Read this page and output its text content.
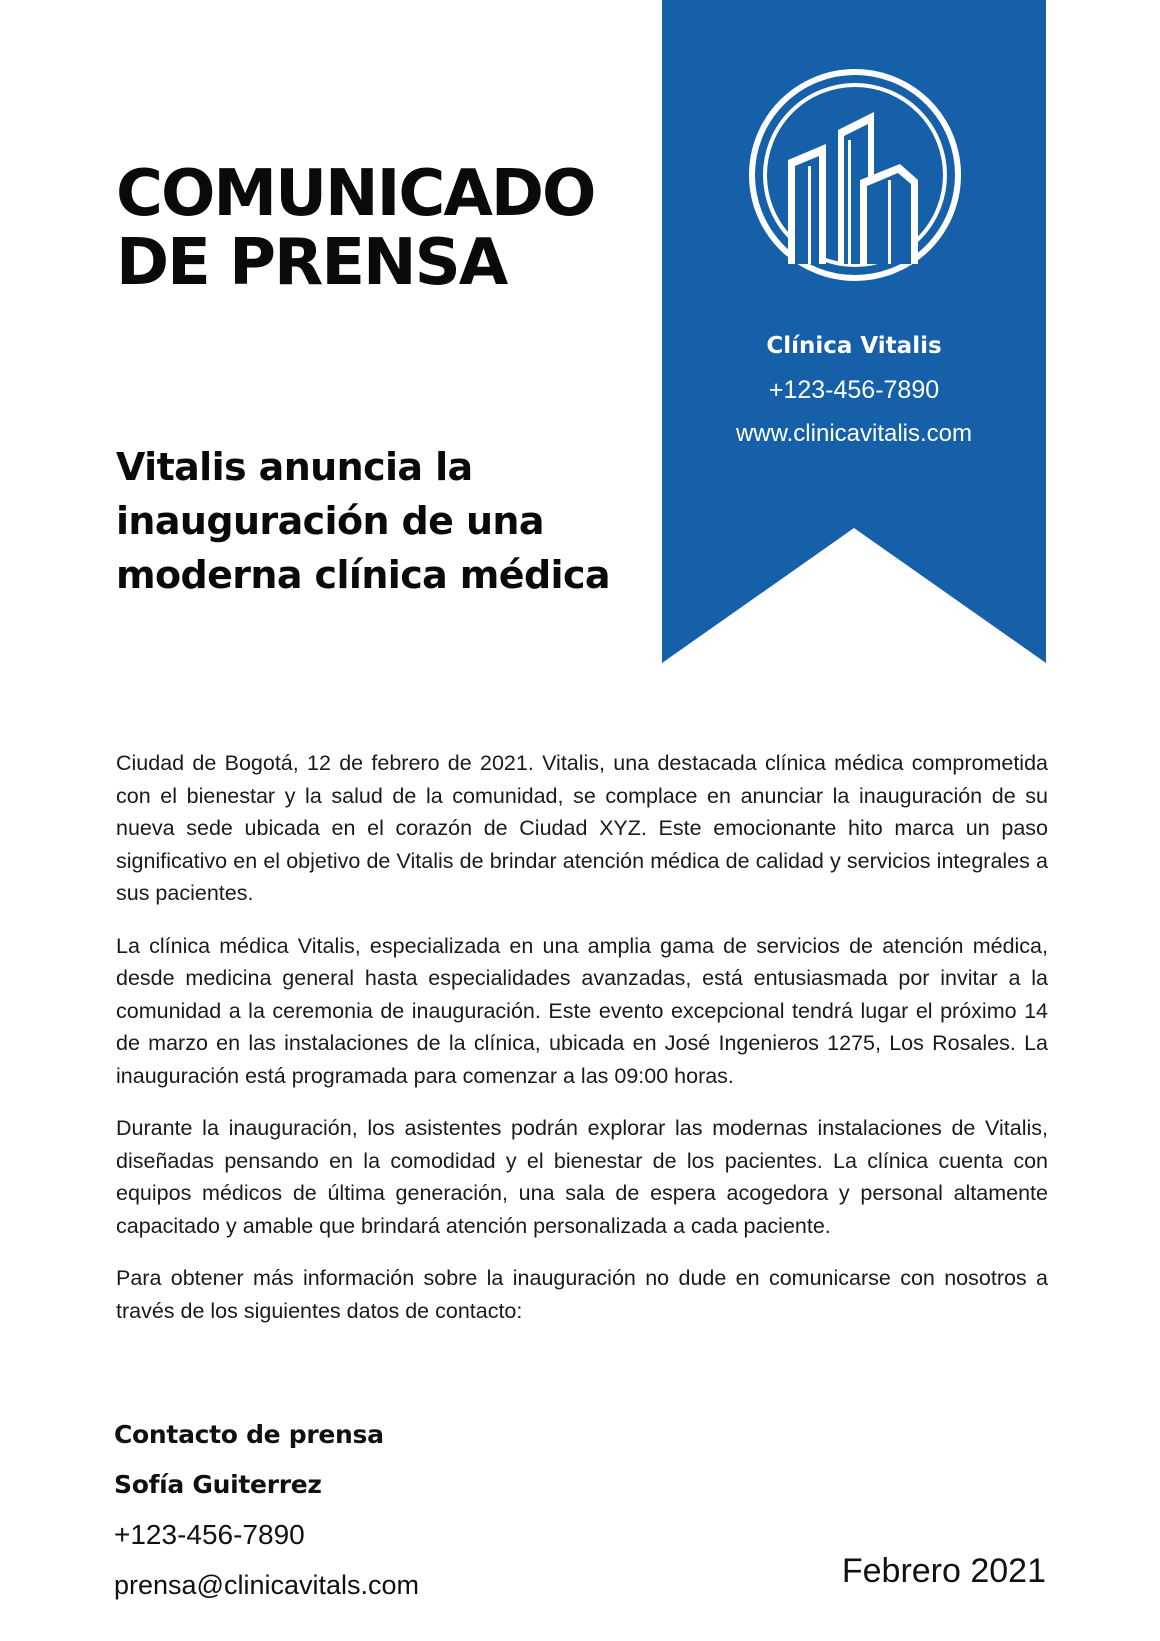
COMUNICADO
DE PRENSA
Vitalis anuncia la
inauguración de una
moderna clínica médica
Clínica Vitalis
+123-456-7890
www.clinicavitalis.com

Ciudad de Bogotá, 12 de febrero de 2021. Vitalis, una destacada clínica médica comprometida con el bienestar y la salud de la comunidad, se complace en anunciar la inauguración de su nueva sede ubicada en el corazón de Ciudad XYZ. Este emocionante hito marca un paso significativo en el objetivo de Vitalis de brindar atención médica de calidad y servicios integrales a sus pacientes.

La clínica médica Vitalis, especializada en una amplia gama de servicios de atención médica, desde medicina general hasta especialidades avanzadas, está entusiasmada por invitar a la comunidad a la ceremonia de inauguración. Este evento excepcional tendrá lugar el próximo 14 de marzo en las instalaciones de la clínica, ubicada en José Ingenieros 1275, Los Rosales. La inauguración está programada para comenzar a las 09:00 horas.

Durante la inauguración, los asistentes podrán explorar las modernas instalaciones de Vitalis, diseñadas pensando en la comodidad y el bienestar de los pacientes. La clínica cuenta con equipos médicos de última generación, una sala de espera acogedora y personal altamente capacitado y amable que brindará atención personalizada a cada paciente.

Para obtener más información sobre la inauguración no dude en comunicarse con nosotros a través de los siguientes datos de contacto:

Contacto de prensa
Sofía Guiterrez
+123-456-7890
prensa@clinicavitals.com	Febrero 2021
